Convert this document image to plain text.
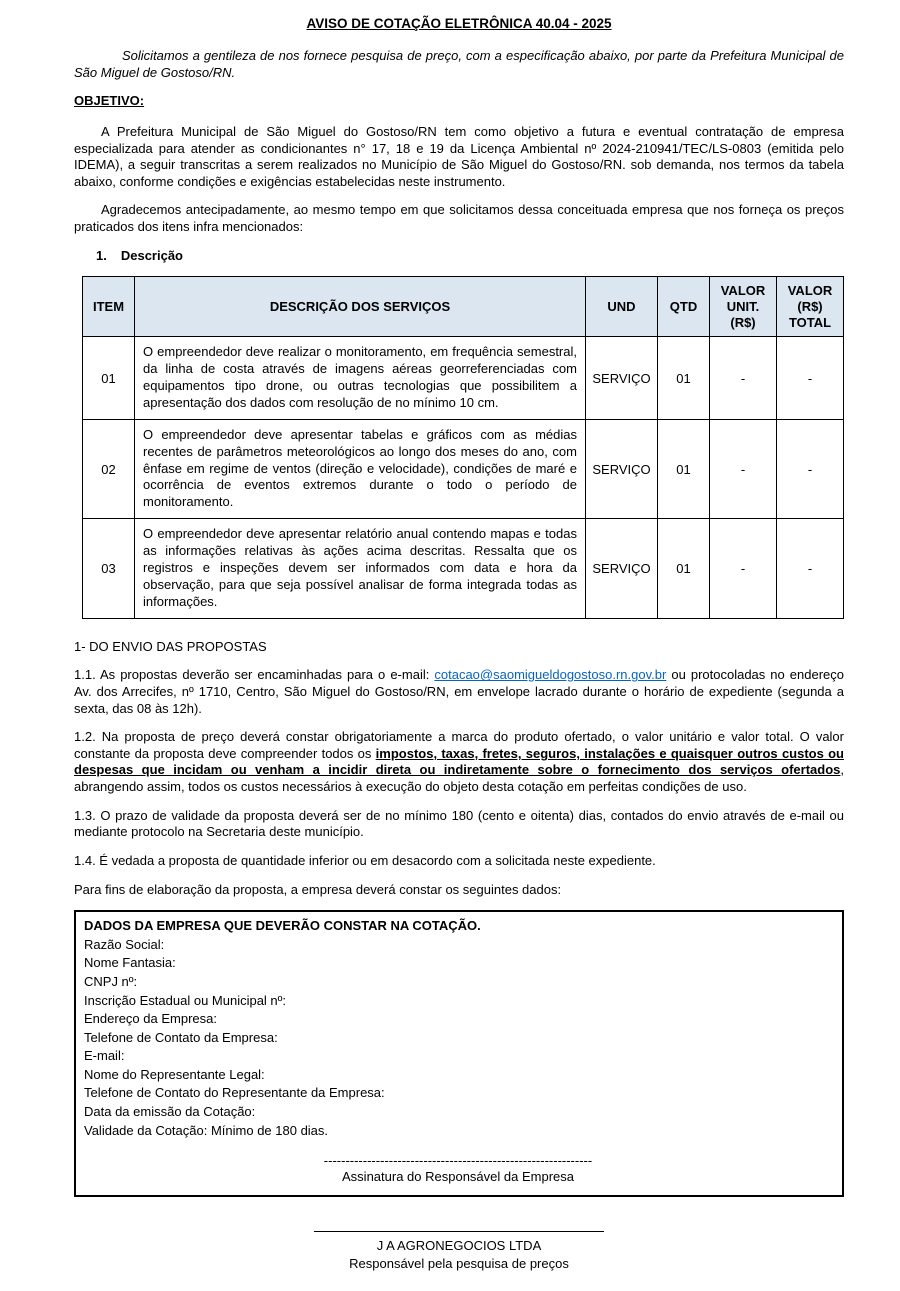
AVISO DE COTAÇÃO ELETRÔNICA 40.04 - 2025

Solicitamos a gentileza de nos fornece pesquisa de preço, com a especificação abaixo, por parte da Prefeitura Municipal de São Miguel de Gostoso/RN.

OBJETIVO:

A Prefeitura Municipal de São Miguel do Gostoso/RN tem como objetivo a futura e eventual contratação de empresa especializada para atender as condicionantes n° 17, 18 e 19 da Licença Ambiental nº 2024-210941/TEC/LS-0803 (emitida pelo IDEMA), a seguir transcritas a serem realizados no Município de São Miguel do Gostoso/RN. sob demanda, nos termos da tabela abaixo, conforme condições e exigências estabelecidas neste instrumento.

Agradecemos antecipadamente, ao mesmo tempo em que solicitamos dessa conceituada empresa que nos forneça os preços praticados dos itens infra mencionados:

1. Descrição

ITEM	DESCRIÇÃO DOS SERVIÇOS	UND	QTD	VALOR UNIT. (R$)	VALOR (R$) TOTAL
01	O empreendedor deve realizar o monitoramento, em frequência semestral, da linha de costa através de imagens aéreas georreferenciadas com equipamentos tipo drone, ou outras tecnologias que possibilitem a apresentação dos dados com resolução de no mínimo 10 cm.	SERVIÇO	01	-	-
02	O empreendedor deve apresentar tabelas e gráficos com as médias recentes de parâmetros meteorológicos ao longo dos meses do ano, com ênfase em regime de ventos (direção e velocidade), condições de maré e ocorrência de eventos extremos durante o todo o período de monitoramento.	SERVIÇO	01	-	-
03	O empreendedor deve apresentar relatório anual contendo mapas e todas as informações relativas às ações acima descritas. Ressalta que os registros e inspeções devem ser informados com data e hora da observação, para que seja possível analisar de forma integrada todas as informações.	SERVIÇO	01	-	-

1- DO ENVIO DAS PROPOSTAS

1.1. As propostas deverão ser encaminhadas para o e-mail: cotacao@saomigueldogostoso.rn.gov.br ou protocoladas no endereço Av. dos Arrecifes, nº 1710, Centro, São Miguel do Gostoso/RN, em envelope lacrado durante o horário de expediente (segunda a sexta, das 08 às 12h).

1.2. Na proposta de preço deverá constar obrigatoriamente a marca do produto ofertado, o valor unitário e valor total. O valor constante da proposta deve compreender todos os impostos, taxas, fretes, seguros, instalações e quaisquer outros custos ou despesas que incidam ou venham a incidir direta ou indiretamente sobre o fornecimento dos serviços ofertados, abrangendo assim, todos os custos necessários à execução do objeto desta cotação em perfeitas condições de uso.

1.3. O prazo de validade da proposta deverá ser de no mínimo 180 (cento e oitenta) dias, contados do envio através de e-mail ou mediante protocolo na Secretaria deste município.

1.4. É vedada a proposta de quantidade inferior ou em desacordo com a solicitada neste expediente.

Para fins de elaboração da proposta, a empresa deverá constar os seguintes dados:

DADOS DA EMPRESA QUE DEVERÃO CONSTAR NA COTAÇÃO.
Razão Social:
Nome Fantasia:
CNPJ nº:
Inscrição Estadual ou Municipal nº:
Endereço da Empresa:
Telefone de Contato da Empresa:
E-mail:
Nome do Representante Legal:
Telefone de Contato do Representante da Empresa:
Data da emissão da Cotação:
Validade da Cotação: Mínimo de 180 dias.
--------------------------------------------------------------
Assinatura do Responsável da Empresa
J A AGRONEGOCIOS LTDA
Responsável pela pesquisa de preços
